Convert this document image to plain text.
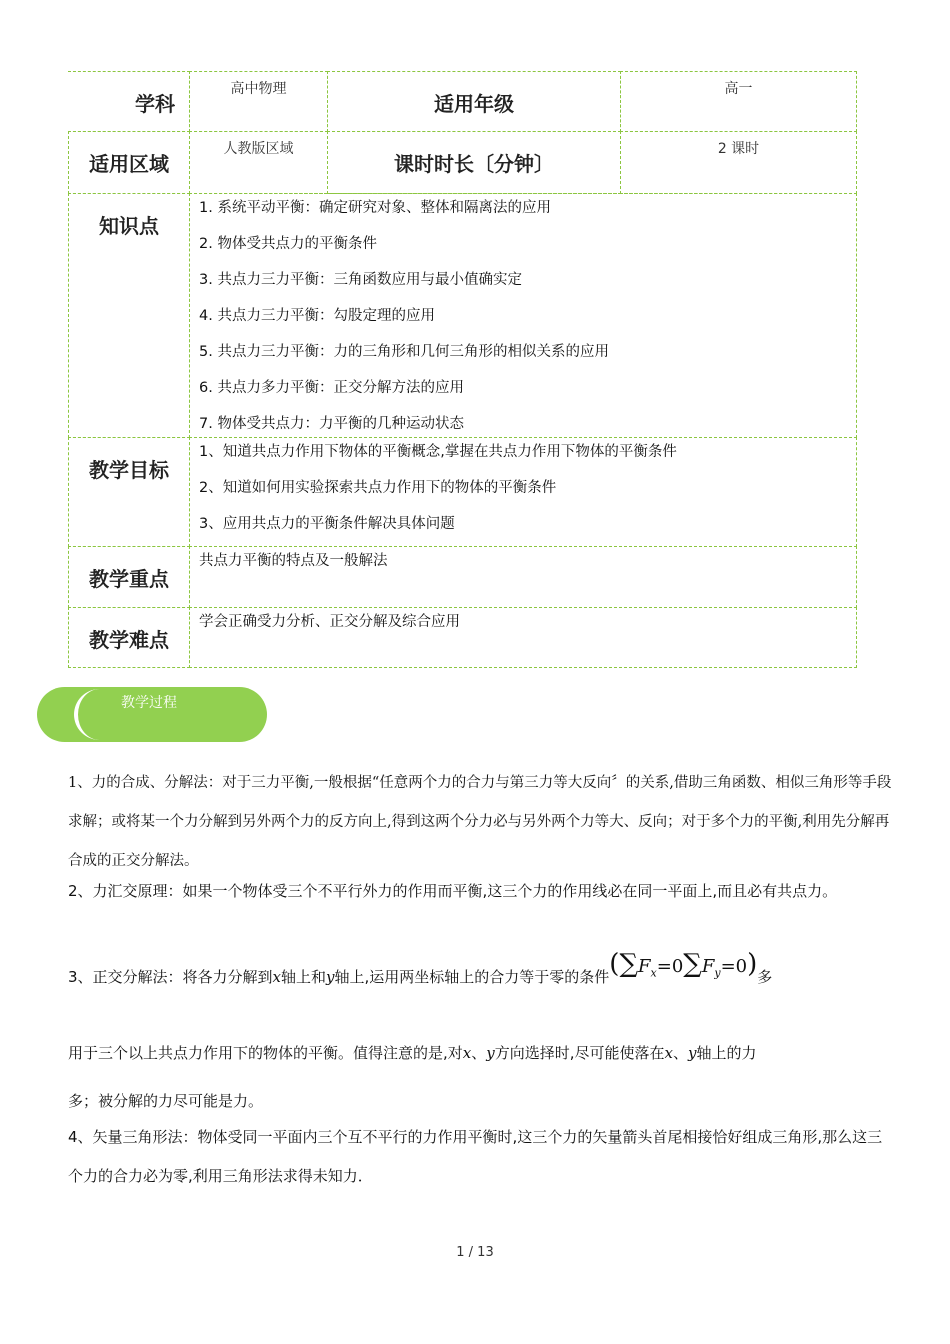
学科
高中物理
适用年级
高一
适用区域
人教版区域
课时时长〔分钟〕
2 课时
知识点
1. 系统平动平衡：确定研究对象、整体和隔离法的应用
2. 物体受共点力的平衡条件
3. 共点力三力平衡：三角函数应用与最小值确实定
4. 共点力三力平衡：勾股定理的应用
5. 共点力三力平衡：力的三角形和几何三角形的相似关系的应用
6. 共点力多力平衡：正交分解方法的应用
7. 物体受共点力：力平衡的几种运动状态
教学目标
1、知道共点力作用下物体的平衡概念,掌握在共点力作用下物体的平衡条件
2、知道如何用实验探索共点力作用下的物体的平衡条件
3、应用共点力的平衡条件解决具体问题
教学重点
共点力平衡的特点及一般解法
教学难点
学会正确受力分析、正交分解及综合应用
教学过程
1、力的合成、分解法：对于三力平衡,一般根据“任意两个力的合力与第三力等大反向〞的关系,借助三角函数、相似三角形等手段求解；或将某一个力分解到另外两个力的反方向上,得到这两个分力必与另外两个力等大、反向；对于多个力的平衡,利用先分解再合成的正交分解法。
2、力汇交原理：如果一个物体受三个不平行外力的作用而平衡,这三个力的作用线必在同一平面上,而且必有共点力。
3、正交分解法：将各力分解到x轴上和y轴上,运用两坐标轴上的合力等于零的条件$(\sum F_x=0\sum F_y=0)$多
用于三个以上共点力作用下的物体的平衡。值得注意的是,对x、y方向选择时,尽可能使落在x、y轴上的力
多；被分解的力尽可能是力。
4、矢量三角形法：物体受同一平面内三个互不平行的力作用平衡时,这三个力的矢量箭头首尾相接恰好组成三角形,那么这三个力的合力必为零,利用三角形法求得未知力．
1 / 13
